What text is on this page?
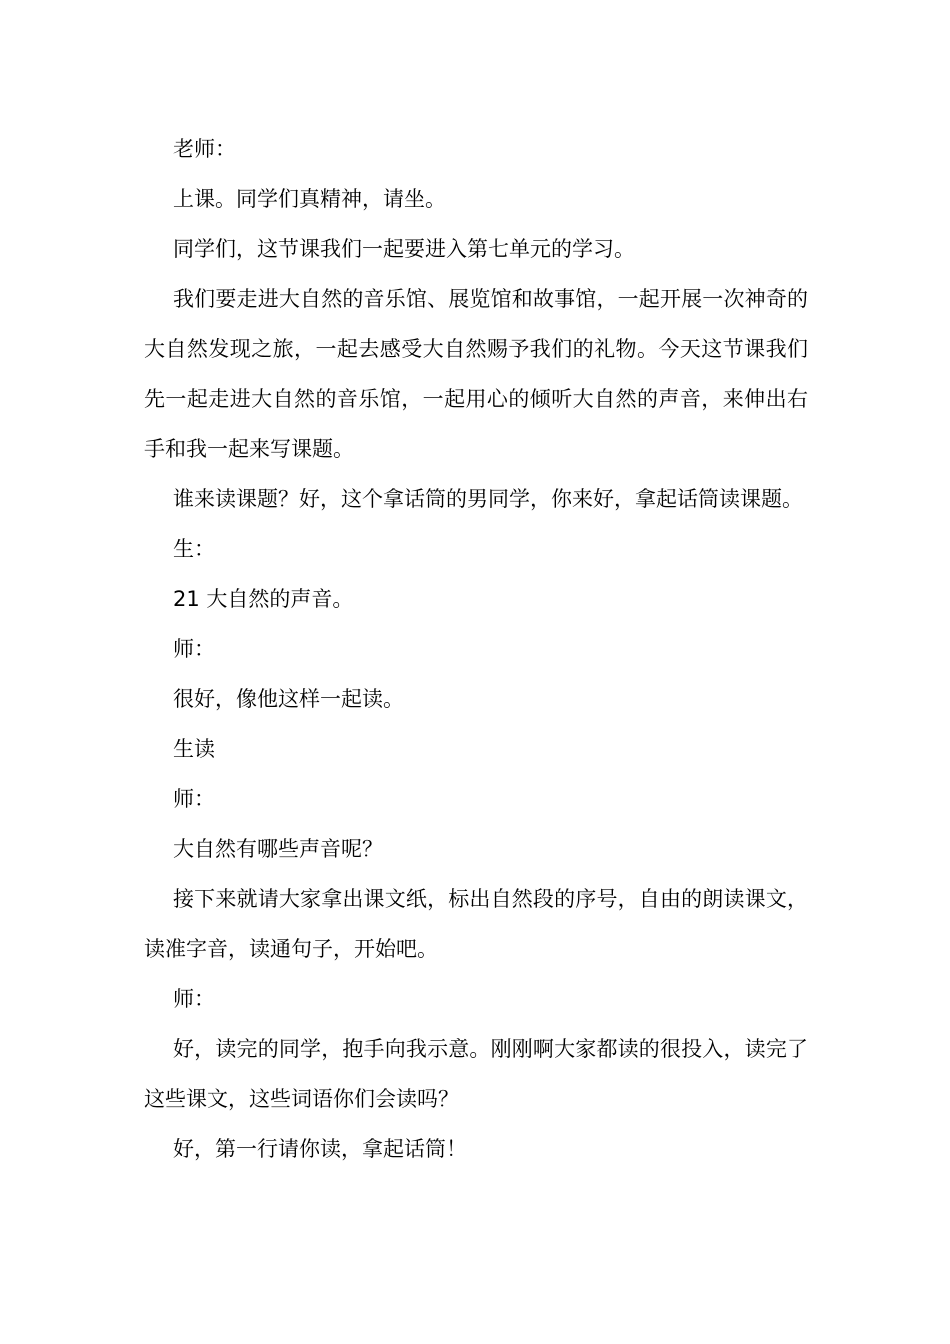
老师：

上课。同学们真精神，请坐。

同学们，这节课我们一起要进入第七单元的学习。

我们要走进大自然的音乐馆、展览馆和故事馆，一起开展一次神奇的大自然发现之旅，一起去感受大自然赐予我们的礼物。今天这节课我们先一起走进大自然的音乐馆，一起用心的倾听大自然的声音，来伸出右手和我一起来写课题。

谁来读课题？好，这个拿话筒的男同学，你来好，拿起话筒读课题。

生：

21 大自然的声音。

师：

很好，像他这样一起读。

生读

师：

大自然有哪些声音呢？

接下来就请大家拿出课文纸，标出自然段的序号，自由的朗读课文，读准字音，读通句子，开始吧。

师：

好，读完的同学，抱手向我示意。刚刚啊大家都读的很投入，读完了这些课文，这些词语你们会读吗？

好，第一行请你读，拿起话筒！
